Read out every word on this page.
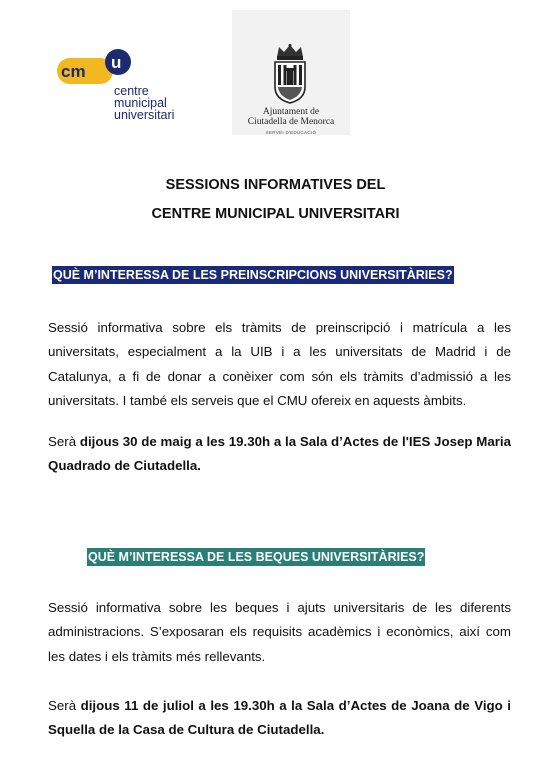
cm u
centre
municipal
universitari	Ajuntament de
Ciutadella de Menorca
SERVEI D'EDUCACIÓ
SESSIONS INFORMATIVES DEL
CENTRE MUNICIPAL UNIVERSITARI
QUÈ M’INTERESSA DE LES PREINSCRIPCIONS UNIVERSITÀRIES?

Sessió informativa sobre els tràmits de preinscripció i matrícula a les universitats, especialment a la UIB i a les universitats de Madrid i de Catalunya, a fi de donar a conèixer com són els tràmits d’admissió a les universitats. I també els serveis que el CMU ofereix en aquests àmbits.

Serà dijous 30 de maig a les 19.30h a la Sala d’Actes de l'IES Josep Maria Quadrado de Ciutadella.

QUÈ M’INTERESSA DE LES BEQUES UNIVERSITÀRIES?

Sessió informativa sobre les beques i ajuts universitaris de les diferents administracions. S’exposaran els requisits acadèmics i econòmics, així com les dates i els tràmits més rellevants.

Serà dijous 11 de juliol a les 19.30h a la Sala d’Actes de Joana de Vigo i Squella de la Casa de Cultura de Ciutadella.
